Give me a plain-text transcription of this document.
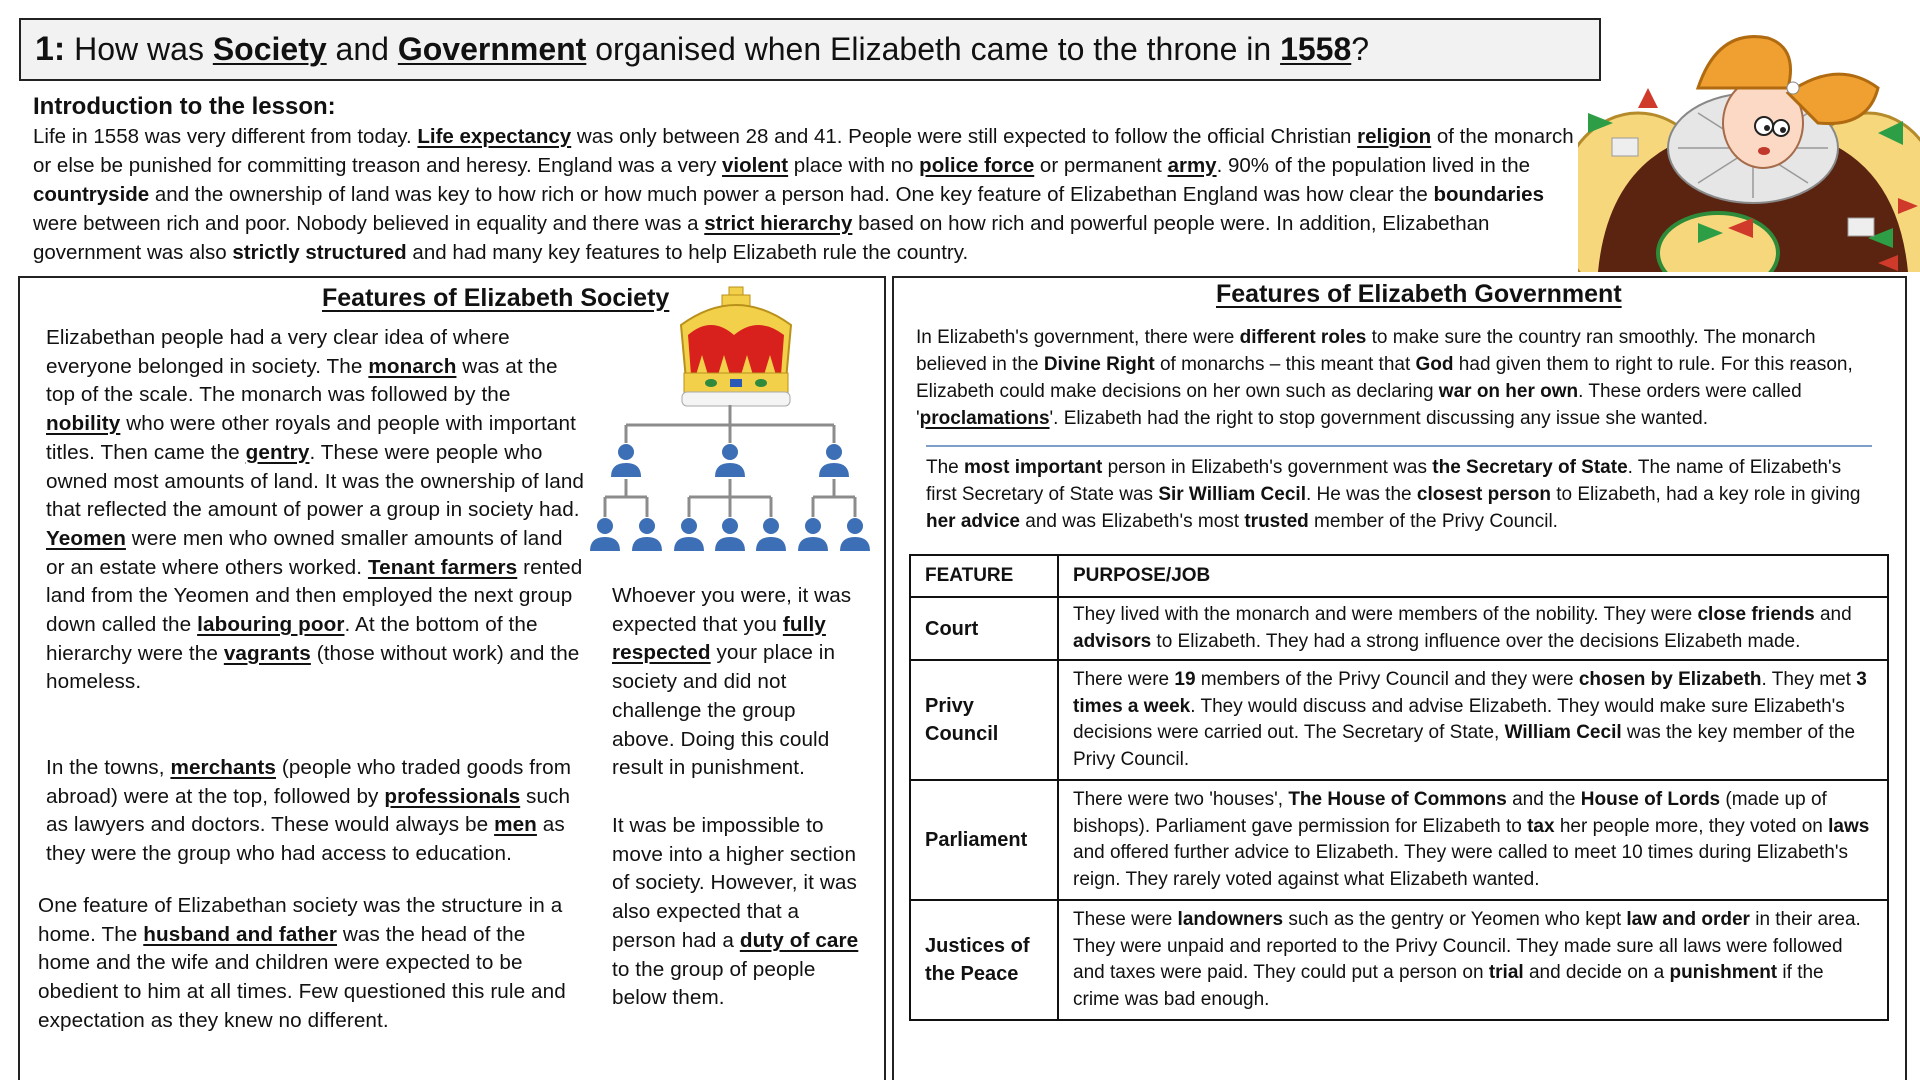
1: How was Society and Government organised when Elizabeth came to the throne in 1558?
Introduction to the lesson:

Life in 1558 was very different from today. Life expectancy was only between 28 and 41. People were still expected to follow the official Christian religion of the monarch or else be punished for committing treason and heresy. England was a very violent place with no police force or permanent army. 90% of the population lived in the countryside and the ownership of land was key to how rich or how much power a person had. One key feature of Elizabethan England was how clear the boundaries were between rich and poor. Nobody believed in equality and there was a strict hierarchy based on how rich and powerful people were. In addition, Elizabethan government was also strictly structured and had many key features to help Elizabeth rule the country.

Features of Elizabeth Society
Elizabethan people had a very clear idea of where everyone belonged in society. The monarch was at the top of the scale. The monarch was followed by the nobility who were other royals and people with important titles. Then came the gentry. These were people who owned most amounts of land. It was the ownership of land that reflected the amount of power a group in society had. Yeomen were men who owned smaller amounts of land or an estate where others worked. Tenant farmers rented land from the Yeomen and then employed the next group down called the labouring poor. At the bottom of the hierarchy were the vagrants (those without work) and the homeless.
In the towns, merchants (people who traded goods from abroad) were at the top, followed by professionals such as lawyers and doctors. These would always be men as they were the group who had access to education.
One feature of Elizabethan society was the structure in a home. The husband and father was the head of the home and the wife and children were expected to be obedient to him at all times. Few questioned this rule and expectation as they knew no different.
Whoever you were, it was expected that you fully respected your place in society and did not challenge the group above. Doing this could result in punishment.
It was be impossible to move into a higher section of society. However, it was also expected that a person had a duty of care to the group of people below them.
Features of Elizabeth Government
In Elizabeth's government, there were different roles to make sure the country ran smoothly. The monarch believed in the Divine Right of monarchs – this meant that God had given them to right to rule. For this reason, Elizabeth could make decisions on her own such as declaring war on her own. These orders were called 'proclamations'. Elizabeth had the right to stop government discussing any issue she wanted.
The most important person in Elizabeth's government was the Secretary of State. The name of Elizabeth's first Secretary of State was Sir William Cecil. He was the closest person to Elizabeth, had a key role in giving her advice and was Elizabeth's most trusted member of the Privy Council.
FEATURE	PURPOSE/JOB
Court	They lived with the monarch and were members of the nobility. They were close friends and advisors to Elizabeth. They had a strong influence over the decisions Elizabeth made.
Privy Council	There were 19 members of the Privy Council and they were chosen by Elizabeth. They met 3 times a week. They would discuss and advise Elizabeth. They would make sure Elizabeth's decisions were carried out. The Secretary of State, William Cecil was the key member of the Privy Council.
Parliament	There were two 'houses', The House of Commons and the House of Lords (made up of bishops). Parliament gave permission for Elizabeth to tax her people more, they voted on laws and offered further advice to Elizabeth. They were called to meet 10 times during Elizabeth's reign. They rarely voted against what Elizabeth wanted.
Justices of the Peace	These were landowners such as the gentry or Yeomen who kept law and order in their area. They were unpaid and reported to the Privy Council. They made sure all laws were followed and taxes were paid. They could put a person on trial and decide on a punishment if the crime was bad enough.
